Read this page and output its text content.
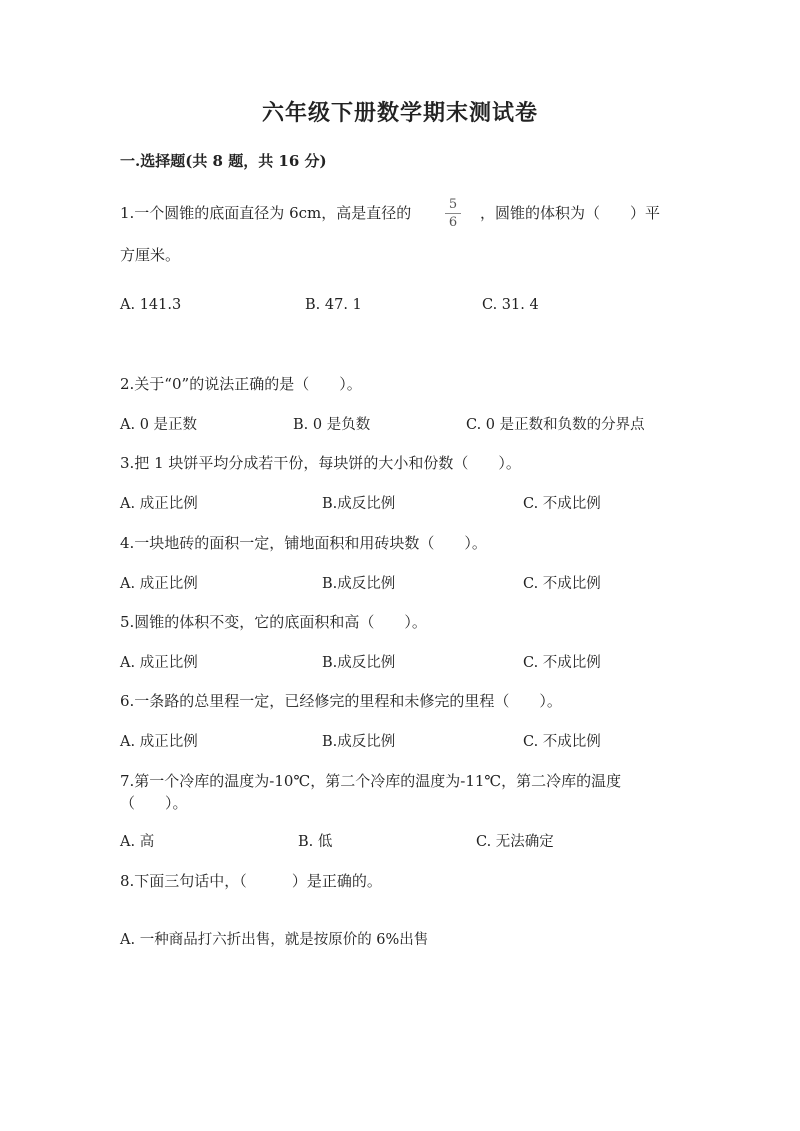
六年级下册数学期末测试卷
一.选择题(共 8 题，共 16 分)
1.一个圆锥的底面直径为 6cm，高是直径的	5
6
，圆锥的体积为（　　）平
方厘米。
A. 141.3	B. 47. 1	C. 31. 4
2.关于“0”的说法正确的是（　　）。
A. 0 是正数	B. 0 是负数	C. 0 是正数和负数的分界点
3.把 1 块饼平均分成若干份，每块饼的大小和份数（　　）。
A. 成正比例	B.成反比例	C. 不成比例
4.一块地砖的面积一定，铺地面积和用砖块数（　　）。
A. 成正比例	B.成反比例	C. 不成比例
5.圆锥的体积不变，它的底面积和高（　　）。
A. 成正比例	B.成反比例	C. 不成比例
6.一条路的总里程一定，已经修完的里程和未修完的里程（　　）。
A. 成正比例	B.成反比例	C. 不成比例
7.第一个冷库的温度为-10℃，第二个冷库的温度为-11℃，第二冷库的温度
（　　）。
A. 高	B. 低	C. 无法确定
8.下面三句话中，（　　　）是正确的。
A. 一种商品打六折出售，就是按原价的 6%出售
